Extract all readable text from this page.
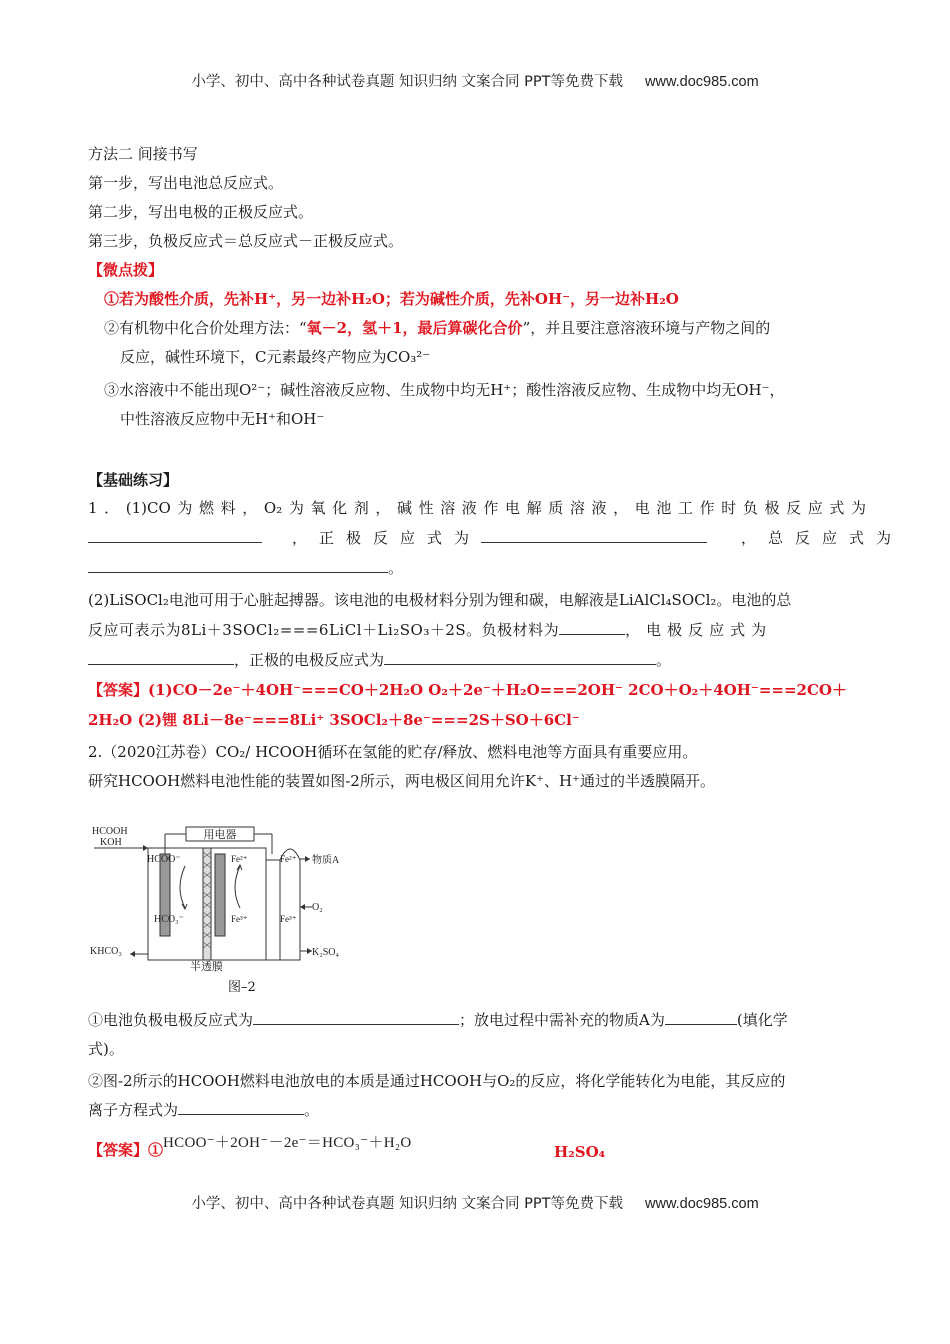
小学、初中、高中各种试卷真题 知识归纳 文案合同 PPT等免费下载 www.doc985.com
方法二 间接书写
第一步，写出电池总反应式。
第二步，写出电极的正极反应式。
第三步，负极反应式＝总反应式－正极反应式。
【微点拨】
①若为酸性介质，先补H⁺，另一边补H₂O；若为碱性介质，先补OH⁻，另一边补H₂O
②有机物中化合价处理方法：“氧－2，氢＋1，最后算碳化合价”，并且要注意溶液环境与产物之间的
反应，碱性环境下，C元素最终产物应为CO₃²⁻
③水溶液中不能出现O²⁻；碱性溶液反应物、生成物中均无H⁺；酸性溶液反应物、生成物中均无OH⁻，
中性溶液反应物中无H⁺和OH⁻
【基础练习】
1．(1)CO为燃料，O₂为氧化剂，碱性溶液作电解质溶液，电池工作时负极反应式为
，正极反应式为	，总反应式为
。
(2)LiSOCl₂电池可用于心脏起搏器。该电池的电极材料分别为锂和碳，电解液是LiAlCl₄SOCl₂。电池的总
反应可表示为8Li＋3SOCl₂===6LiCl＋Li₂SO₃＋2S。负极材料为	，电极反应式为
，正极的电极反应式为	。
【答案】(1)CO－2e⁻＋4OH⁻===CO＋2H₂O O₂＋2e⁻＋H₂O===2OH⁻ 2CO＋O₂＋4OH⁻===2CO＋
2H₂O (2)锂 8Li－8e⁻===8Li⁺ 3SOCl₂＋8e⁻===2S＋SO＋6Cl⁻
2.（2020江苏卷）CO₂/ HCOOH循环在氢能的贮存/释放、燃料电池等方面具有重要应用。
研究HCOOH燃料电池性能的装置如图-2所示，两电极区间用允许K⁺、H⁺通过的半透膜隔开。
用电器
HCOOH
KOH
KHCO₃
HCOO⁻
HCO₃⁻
Fe²⁺
Fe³⁺
Fe²⁺
Fe³⁺
物质A
O₂
K₂SO₄
半透膜
图–2
①电池负极电极反应式为	；放电过程中需补充的物质A为	(填化学
式)。
②图-2所示的HCOOH燃料电池放电的本质是通过HCOOH与O₂的反应，将化学能转化为电能，其反应的
离子方程式为	。
【答案】①HCOO⁻＋2OH⁻－2e⁻＝HCO₃⁻＋H₂O	H₂SO₄
小学、初中、高中各种试卷真题 知识归纳 文案合同 PPT等免费下载 www.doc985.com
